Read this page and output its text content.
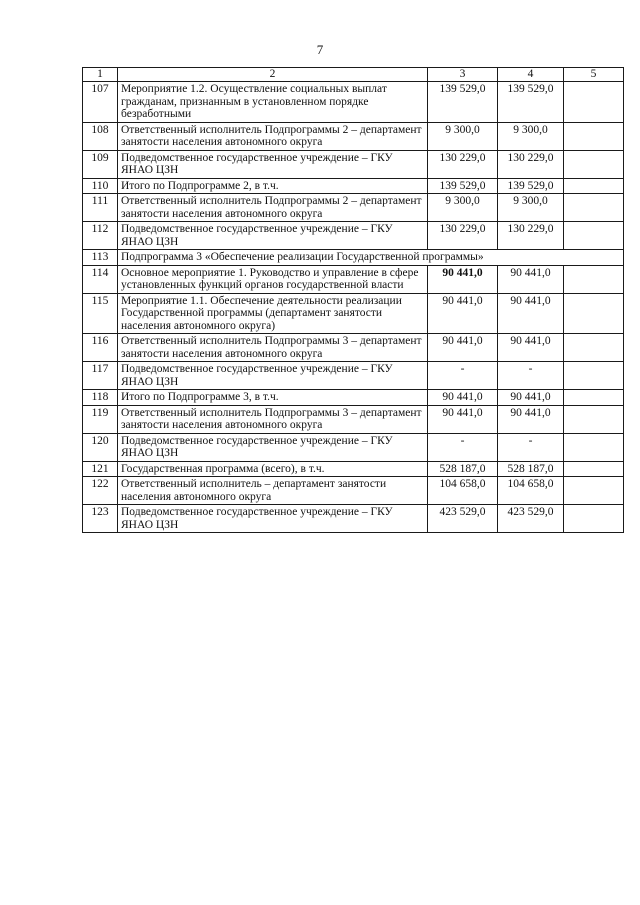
7
1	2	3	4	5
107	Мероприятие 1.2. Осуществление социальных выплат гражданам, признанным в установленном порядке безработными	139 529,0	139 529,0	
108	Ответственный исполнитель Подпрограммы 2 – департамент занятости населения автономного округа	9 300,0	9 300,0	
109	Подведомственное государственное учреждение – ГКУ ЯНАО ЦЗН	130 229,0	130 229,0	
110	Итого по Подпрограмме 2, в т.ч.	139 529,0	139 529,0	
111	Ответственный исполнитель Подпрограммы 2 – департамент занятости населения автономного округа	9 300,0	9 300,0	
112	Подведомственное государственное учреждение – ГКУ ЯНАО ЦЗН	130 229,0	130 229,0	
113	Подпрограмма 3 «Обеспечение реализации Государственной программы»			
114	Основное мероприятие 1. Руководство и управление в сфере установленных функций органов государственной власти	90 441,0	90 441,0	
115	Мероприятие 1.1. Обеспечение деятельности реализации Государственной программы (департамент занятости населения автономного округа)	90 441,0	90 441,0	
116	Ответственный исполнитель Подпрограммы 3 – департамент занятости населения автономного округа	90 441,0	90 441,0	
117	Подведомственное государственное учреждение – ГКУ ЯНАО ЦЗН	-	-	
118	Итого по Подпрограмме 3, в т.ч.	90 441,0	90 441,0	
119	Ответственный исполнитель Подпрограммы 3 – департамент занятости населения автономного округа	90 441,0	90 441,0	
120	Подведомственное государственное учреждение – ГКУ ЯНАО ЦЗН	-	-	
121	Государственная программа (всего), в т.ч.	528 187,0	528 187,0	
122	Ответственный исполнитель – департамент занятости населения автономного округа	104 658,0	104 658,0	
123	Подведомственное государственное учреждение – ГКУ ЯНАО ЦЗН	423 529,0	423 529,0	
